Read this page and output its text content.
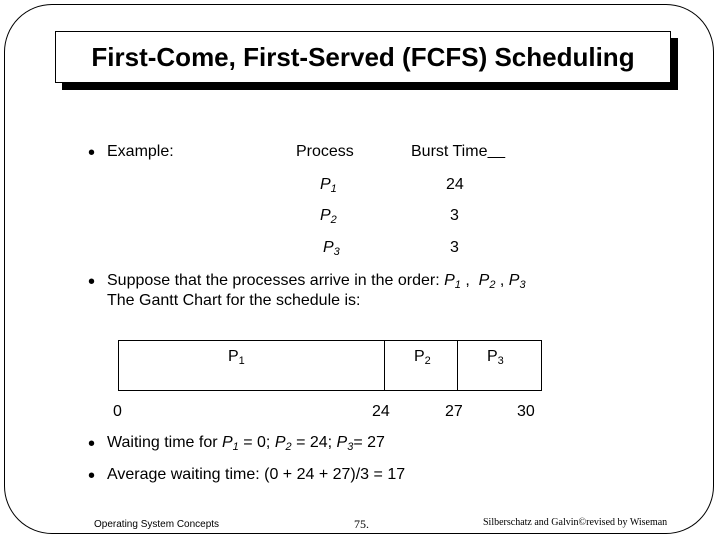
First-Come, First-Served (FCFS) Scheduling
• Example:	Process	Burst Time
$P_1$	24
$P_2$	3
$P_3$	3
• Suppose that the processes arrive in the order: $P_1$ ,  $P_2$ , $P_3$
The Gantt Chart for the schedule is:
$P_1$	$P_2$	$P_3$
0	24	27	30
• Waiting time for $P_1 = 0$; $P_2 = 24$; $P_3= 27$
• Average waiting time: (0 + 24 + 27)/3 = 17
Operating System Concepts	75.	Silberschatz and Galvin©revised by Wiseman
